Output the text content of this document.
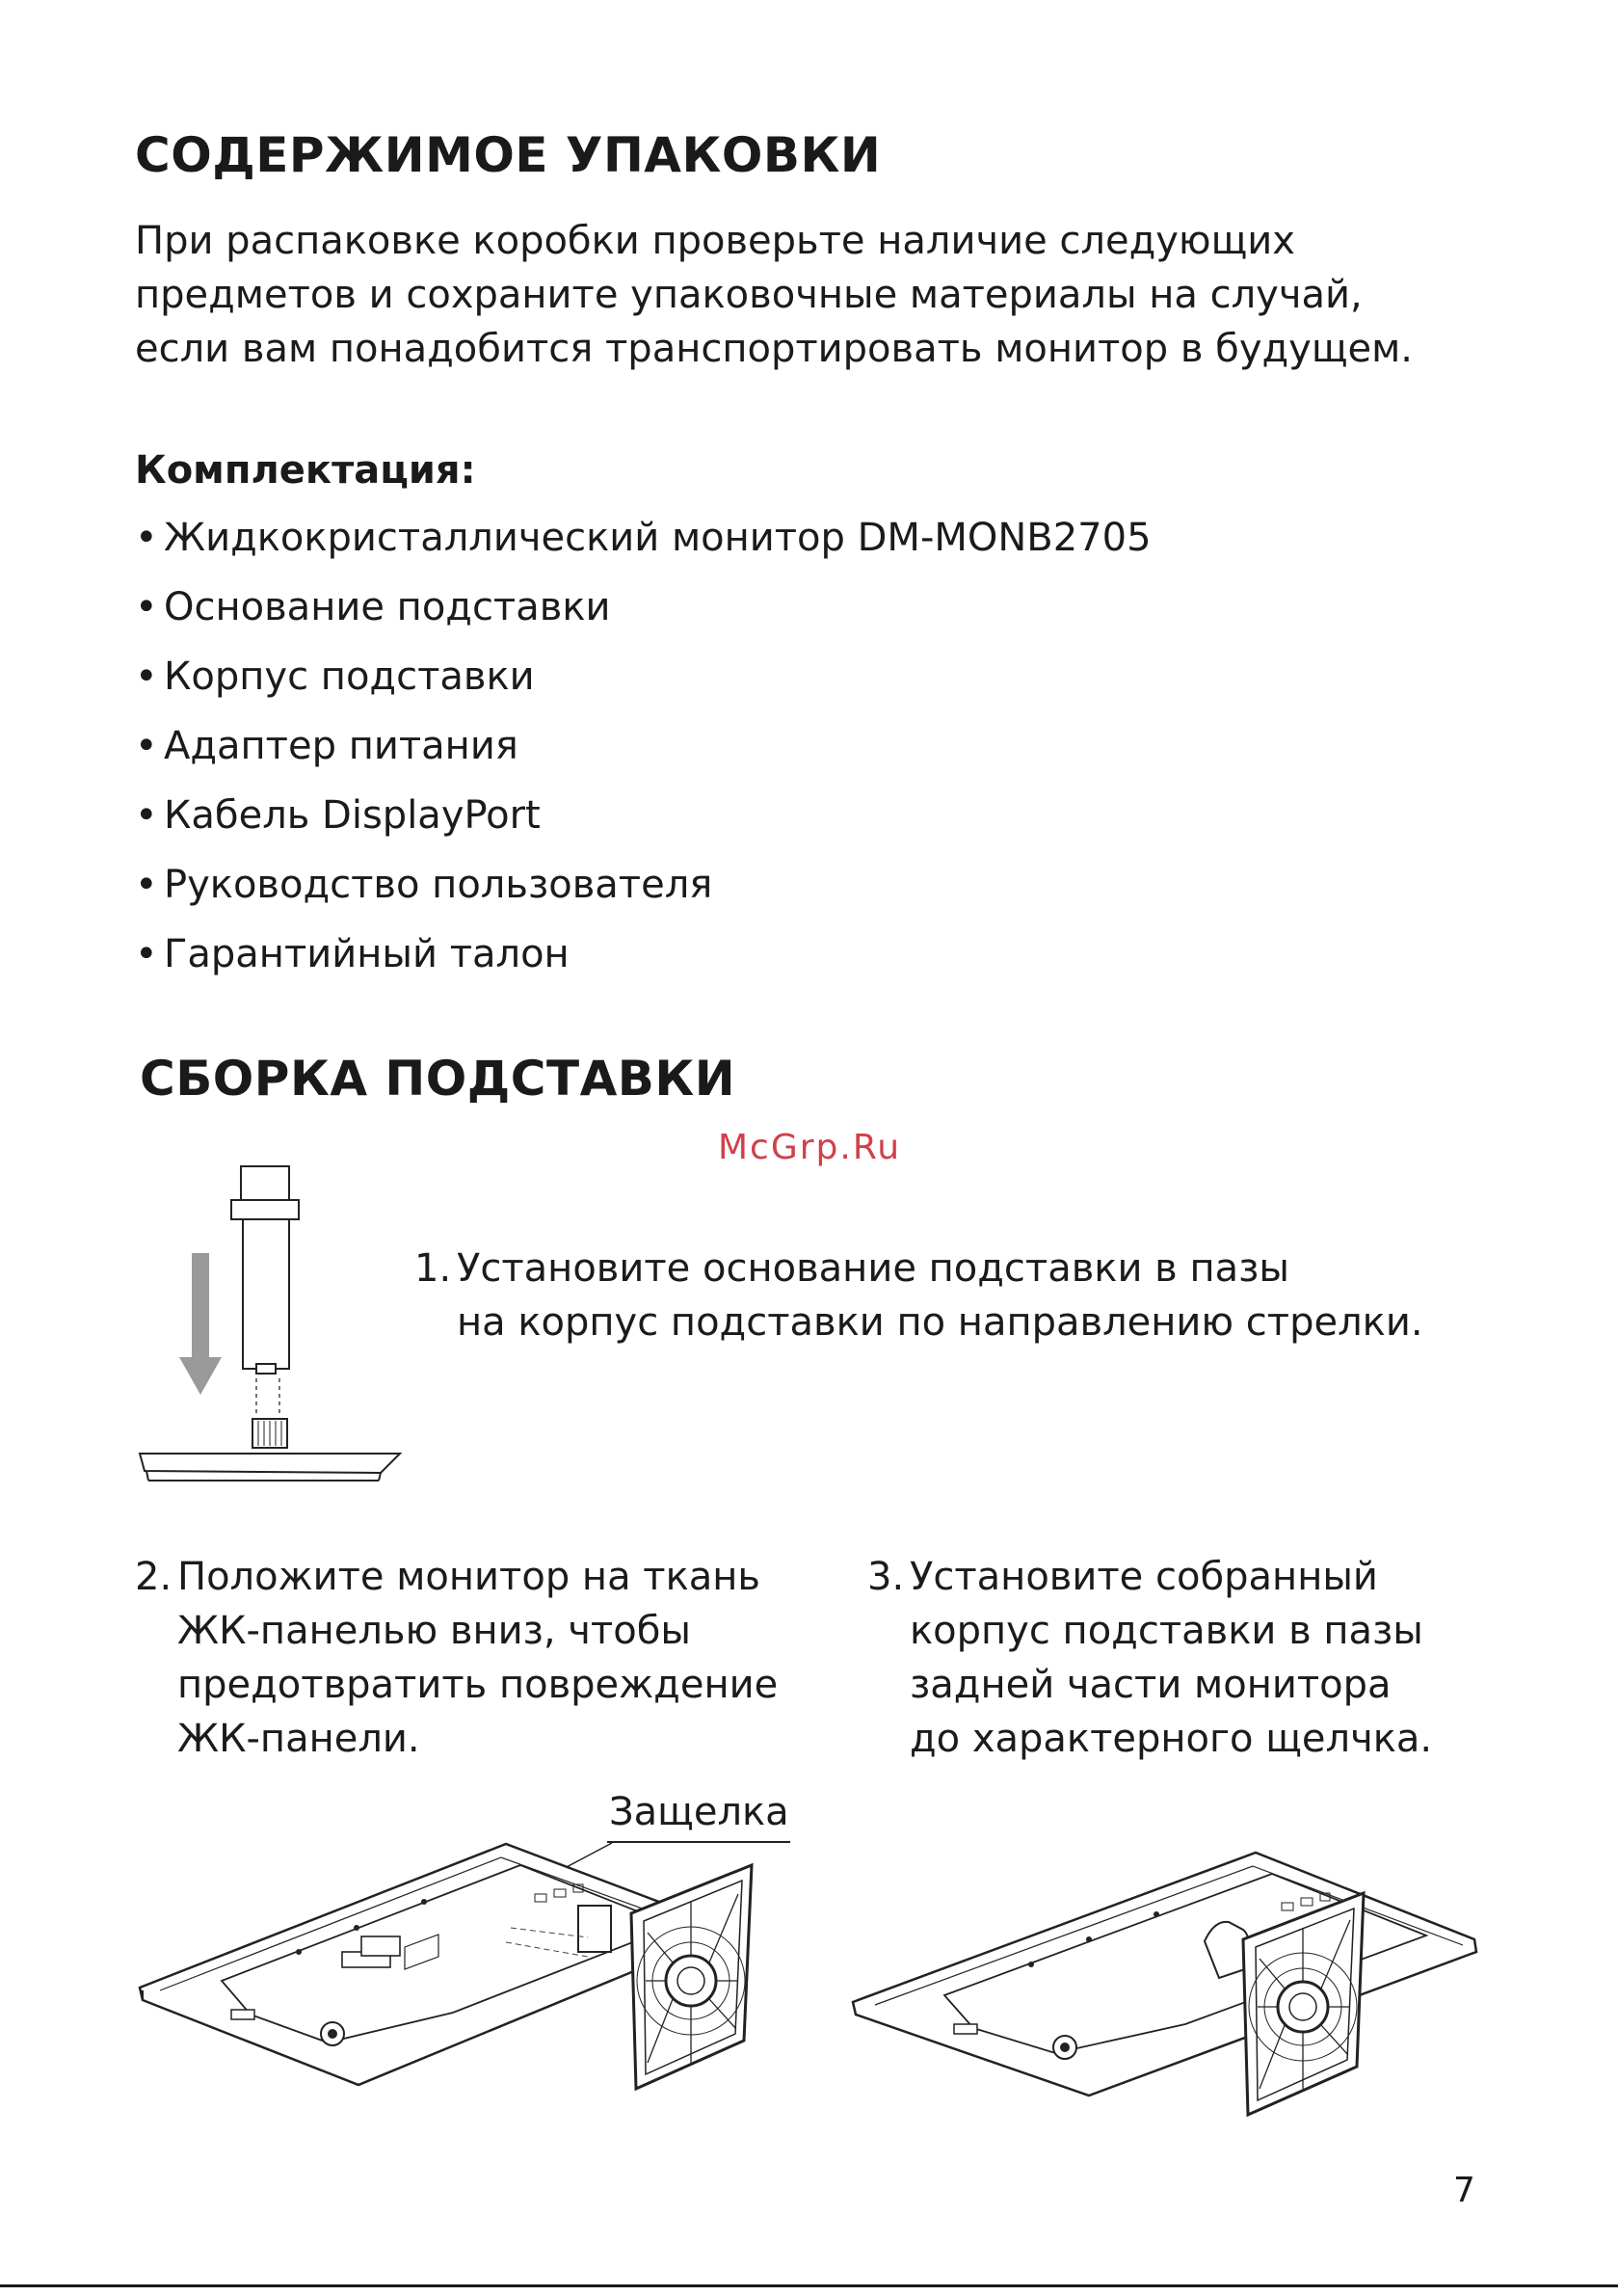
СОДЕРЖИМОЕ УПАКОВКИ
При распаковке коробки проверьте наличие следующих
предметов и сохраните упаковочные материалы на случай,
если вам понадобится транспортировать монитор в будущем.
Комплектация:
• Жидкокристаллический монитор DM-MONB2705
• Основание подставки
• Корпус подставки
• Адаптер питания
• Кабель DisplayPort
• Руководство пользователя
• Гарантийный талон
СБОРКА ПОДСТАВКИ
McGrp.Ru
1. Установите основание подставки в пазы
на корпус подставки по направлению стрелки.
2. Положите монитор на ткань
ЖК-панелью вниз, чтобы
предотвратить повреждение
ЖК-панели.
3. Установите собранный
корпус подставки в пазы
задней части монитора
до характерного щелчка.
Защелка
7
